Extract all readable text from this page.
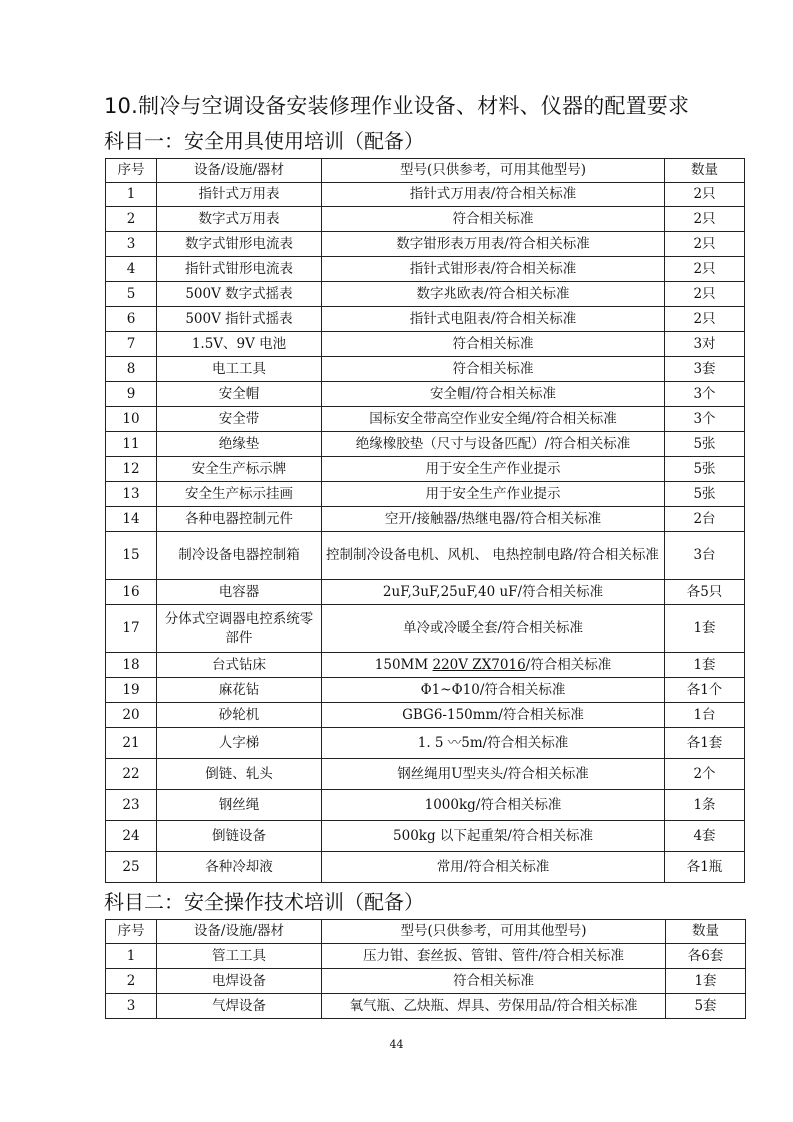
10.制冷与空调设备安装修理作业设备、材料、仪器的配置要求
科目一：安全用具使用培训（配备）
序号	设备/设施/器材	型号(只供参考，可用其他型号)	数量
1	指针式万用表	指针式万用表/符合相关标准	2只
2	数字式万用表	符合相关标准	2只
3	数字式钳形电流表	数字钳形表万用表/符合相关标准	2只
4	指针式钳形电流表	指针式钳形表/符合相关标准	2只
5	500V 数字式摇表	数字兆欧表/符合相关标准	2只
6	500V 指针式摇表	指针式电阻表/符合相关标准	2只
7	1.5V、9V 电池	符合相关标准	3对
8	电工工具	符合相关标准	3套
9	安全帽	安全帽/符合相关标准	3个
10	安全带	国标安全带高空作业安全绳/符合相关标准	3个
11	绝缘垫	绝缘橡胶垫（尺寸与设备匹配）/符合相关标准	5张
12	安全生产标示牌	用于安全生产作业提示	5张
13	安全生产标示挂画	用于安全生产作业提示	5张
14	各种电器控制元件	空开/接触器/热继电器/符合相关标准	2台
15	制冷设备电器控制箱	控制制冷设备电机、风机、 电热控制电路/符合相关标准	3台
16	电容器	2uF,3uF,25uF,40 uF/符合相关标准	各5只
17	分体式空调器电控系统零部件	单冷或冷暖全套/符合相关标准	1套
18	台式钻床	150MM 220V ZX7016/符合相关标准	1套
19	麻花钻	Φ1~Φ10/符合相关标准	各1个
20	砂轮机	GBG6-150mm/符合相关标准	1台
21	人字梯	1. 5 〰5m/符合相关标准	各1套
22	倒链、轧头	钢丝绳用U型夹头/符合相关标准	2个
23	钢丝绳	1000kg/符合相关标准	1条
24	倒链设备	500kg 以下起重架/符合相关标准	4套
25	各种冷却液	常用/符合相关标准	各1瓶
科目二：安全操作技术培训（配备）
序号	设备/设施/器材	型号(只供参考，可用其他型号)	数量
1	管工工具	压力钳、套丝扳、管钳、管件/符合相关标准	各6套
2	电焊设备	符合相关标准	1套
3	气焊设备	氧气瓶、乙炔瓶、焊具、劳保用品/符合相关标准	5套
44
